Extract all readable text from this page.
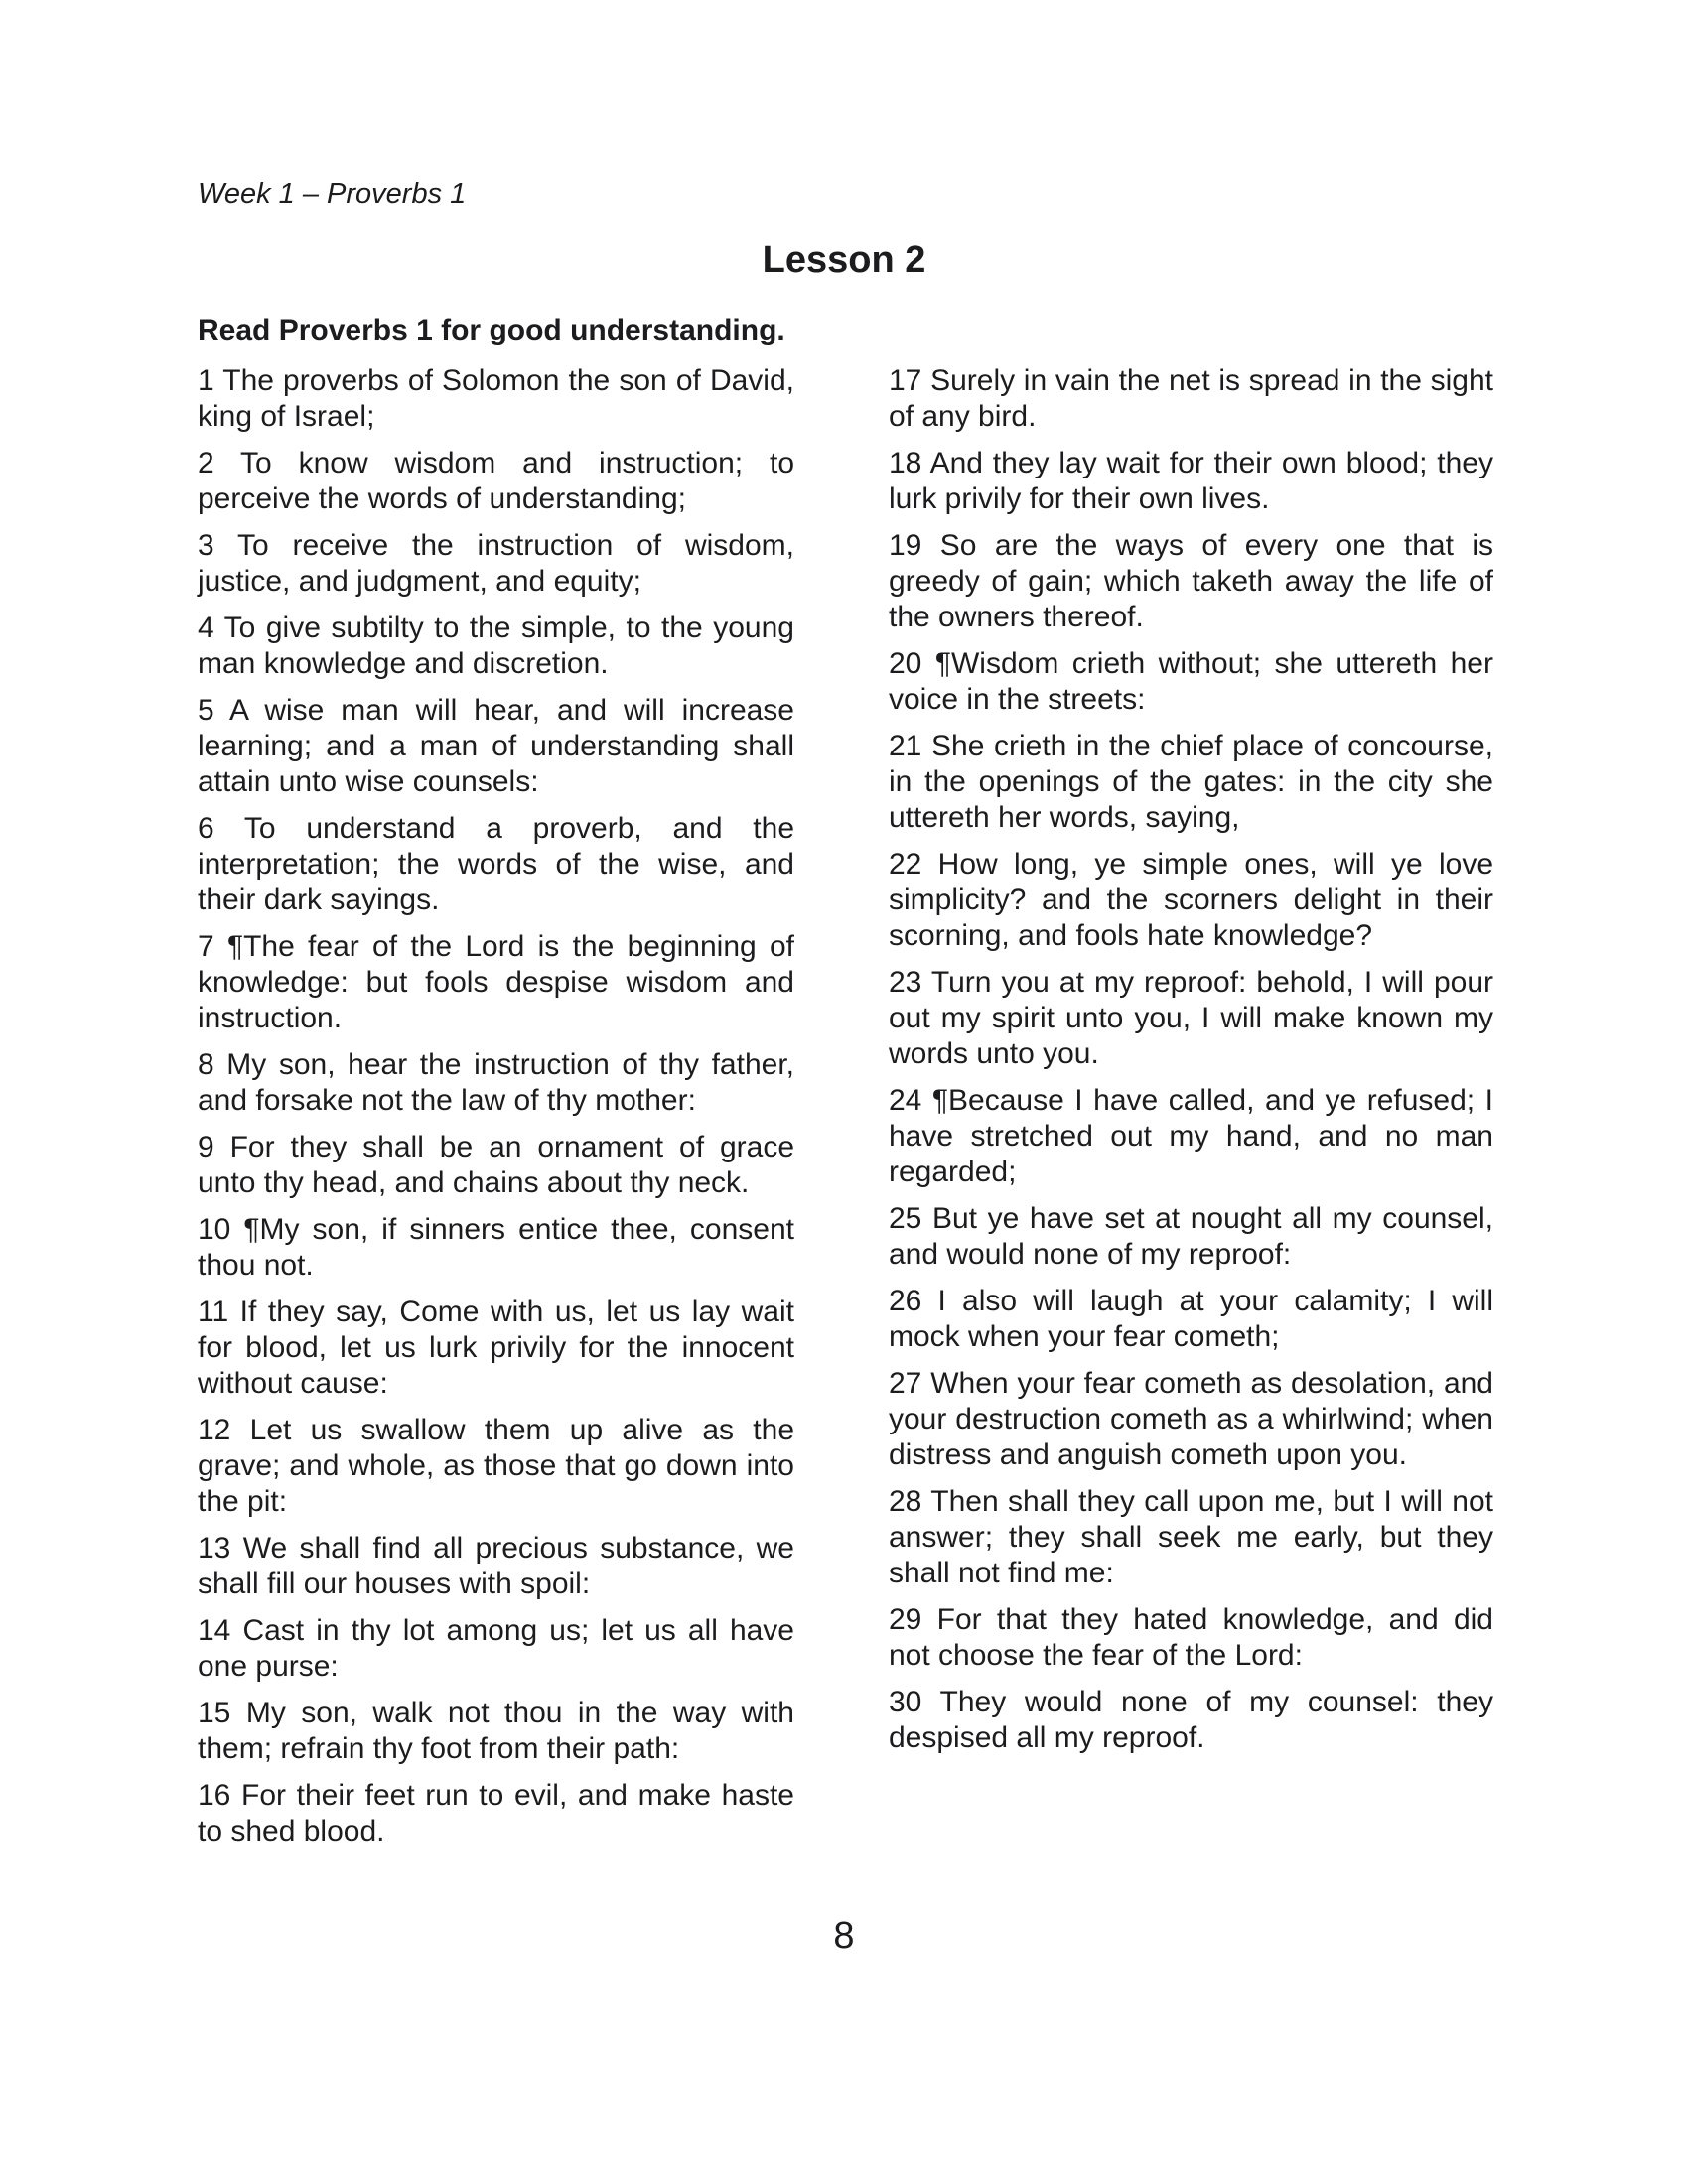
Week 1 – Proverbs 1
Lesson 2
Read Proverbs 1 for good understanding.

1 The proverbs of Solomon the son of David, king of Israel;

2 To know wisdom and instruction; to perceive the words of understanding;

3 To receive the instruction of wisdom, justice, and judgment, and equity;

4 To give subtilty to the simple, to the young man knowledge and discretion.

5 A wise man will hear, and will increase learning; and a man of understanding shall attain unto wise counsels:

6 To understand a proverb, and the interpretation; the words of the wise, and their dark sayings.

7 ¶The fear of the Lord is the beginning of knowledge: but fools despise wisdom and instruction.

8 My son, hear the instruction of thy father, and forsake not the law of thy mother:

9 For they shall be an ornament of grace unto thy head, and chains about thy neck.

10 ¶My son, if sinners entice thee, consent thou not.

11 If they say, Come with us, let us lay wait for blood, let us lurk privily for the innocent without cause:

12 Let us swallow them up alive as the grave; and whole, as those that go down into the pit:

13 We shall find all precious substance, we shall fill our houses with spoil:

14 Cast in thy lot among us; let us all have one purse:

15 My son, walk not thou in the way with them; refrain thy foot from their path:

16 For their feet run to evil, and make haste to shed blood.

17 Surely in vain the net is spread in the sight of any bird.

18 And they lay wait for their own blood; they lurk privily for their own lives.

19 So are the ways of every one that is greedy of gain; which taketh away the life of the owners thereof.

20 ¶Wisdom crieth without; she uttereth her voice in the streets:

21 She crieth in the chief place of concourse, in the openings of the gates: in the city she uttereth her words, saying,

22 How long, ye simple ones, will ye love simplicity? and the scorners delight in their scorning, and fools hate knowledge?

23 Turn you at my reproof: behold, I will pour out my spirit unto you, I will make known my words unto you.

24 ¶Because I have called, and ye refused; I have stretched out my hand, and no man regarded;

25 But ye have set at nought all my counsel, and would none of my reproof:

26 I also will laugh at your calamity; I will mock when your fear cometh;

27 When your fear cometh as desolation, and your destruction cometh as a whirlwind; when distress and anguish cometh upon you.

28 Then shall they call upon me, but I will not answer; they shall seek me early, but they shall not find me:

29 For that they hated knowledge, and did not choose the fear of the Lord:

30 They would none of my counsel: they despised all my reproof.

8
